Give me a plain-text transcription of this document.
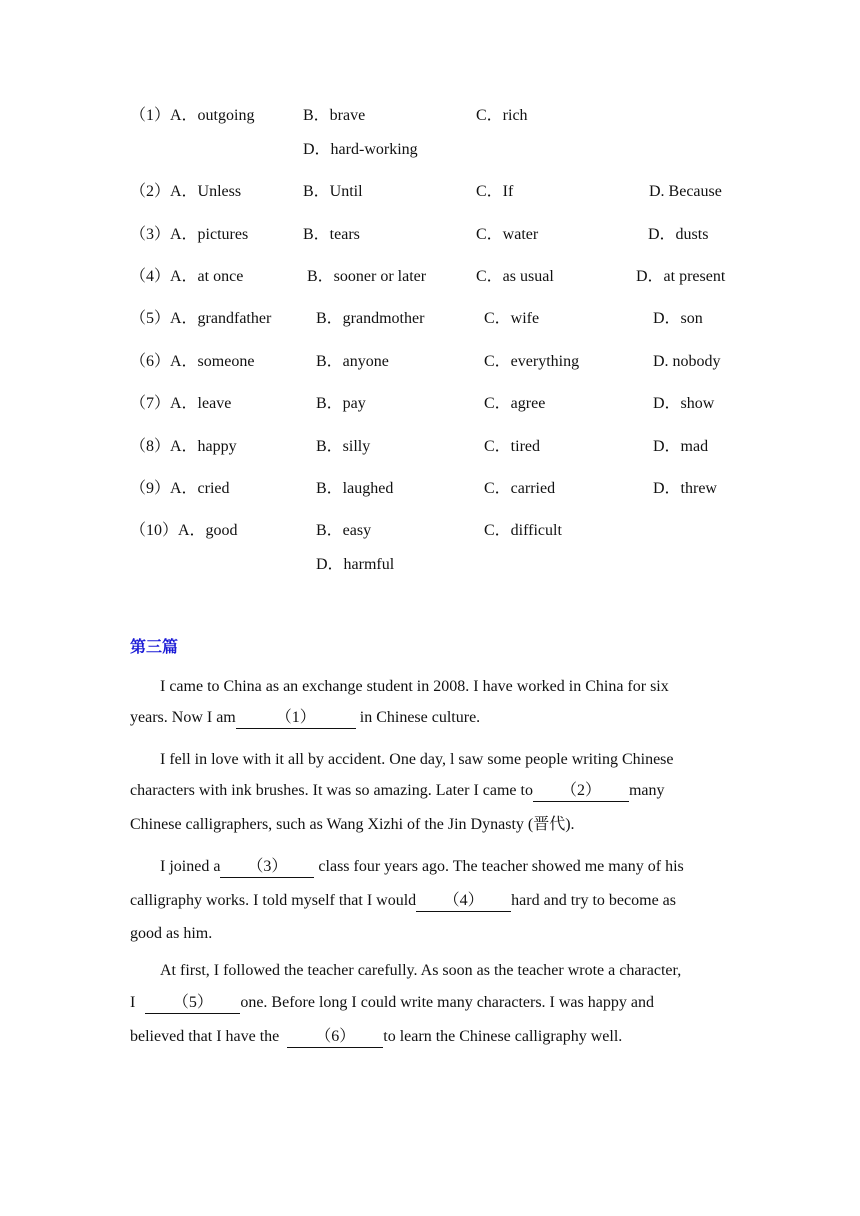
（1）A．outgoing	B．brave	C．rich
D．hard-working
（2）A．Unless	B．Until	C．If	D. Because
（3）A．pictures	B．tears	C．water	D．dusts
（4）A．at once	B．sooner or later	C．as usual	D．at present
（5）A．grandfather	B．grandmother	C．wife	D．son
（6）A．someone	B．anyone	C．everything	D. nobody
（7）A．leave	B．pay	C．agree	D．show
（8）A．happy	B．silly	C．tired	D．mad
（9）A．cried	B．laughed	C．carried	D．threw
（10）A．good	B．easy	C．difficult
D．harmful
第三篇
I came to China as an exchange student in 2008. I have worked in China for six
years. Now I am （1）	in Chinese culture.
I fell in love with it all by accident. One day, l saw some people writing Chinese
characters with ink brushes. It was so amazing. Later I came to （2） many
Chinese calligraphers, such as Wang Xizhi of the Jin Dynasty (晋代).
I joined a （3） class four years ago. The teacher showed me many of his
calligraphy works. I told myself that I would （4） hard and try to become as
good as him.
At first, I followed the teacher carefully. As soon as the teacher wrote a character,
I （5） one. Before long I could write many characters. I was happy and
believed that I have the （6） to learn the Chinese calligraphy well.
